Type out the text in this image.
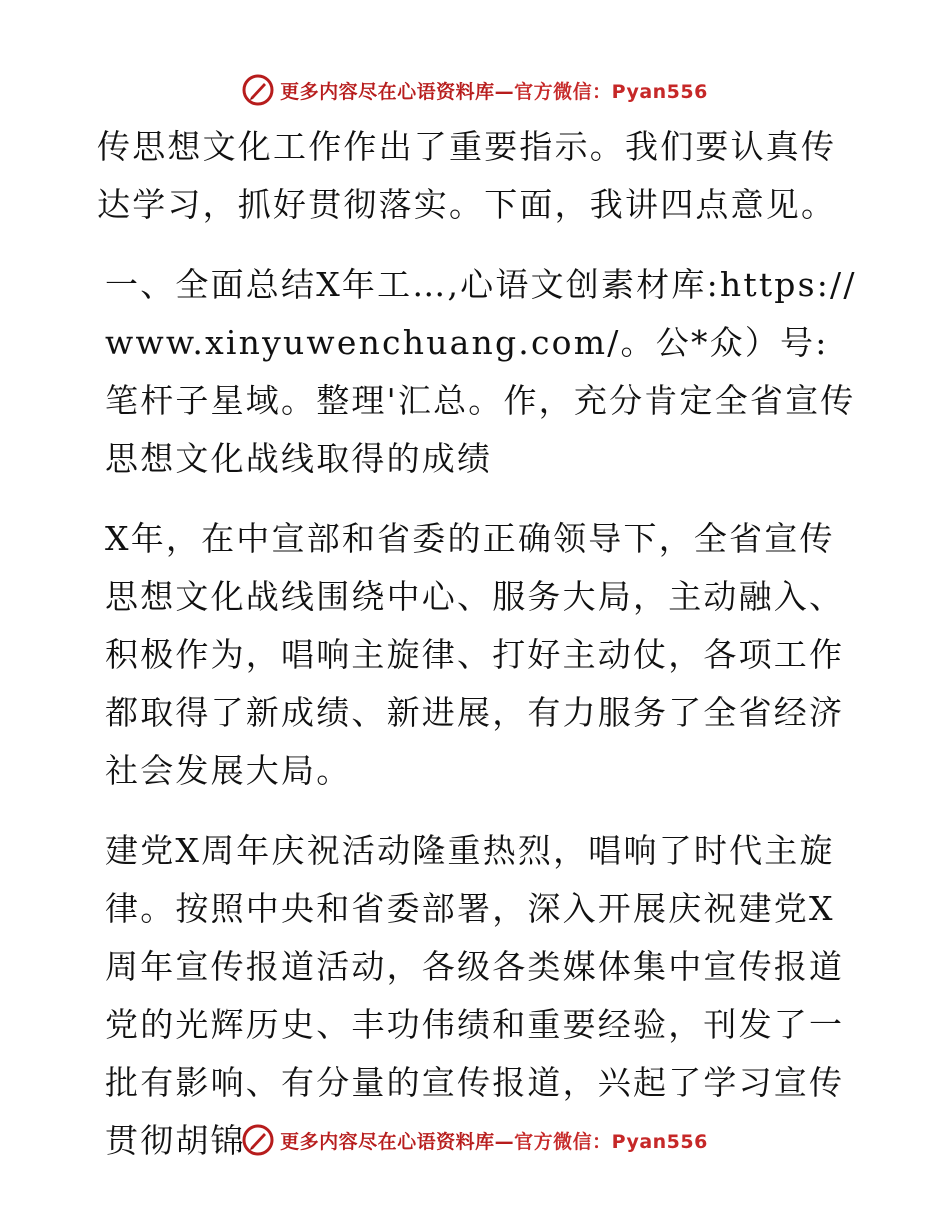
更多内容尽在心语资料库—官方微信：Pyan556

传思想文化工作作出了重要指示。我们要认真传达学习，抓好贯彻落实。下面，我讲四点意见。

一、全面总结X年工…,心语文创素材库:https://www.xinyuwenchuang.com/。公*众）号:笔杆子星域。整理'汇总。作，充分肯定全省宣传思想文化战线取得的成绩

X年，在中宣部和省委的正确领导下，全省宣传思想文化战线围绕中心、服务大局，主动融入、积极作为，唱响主旋律、打好主动仗，各项工作都取得了新成绩、新进展，有力服务了全省经济社会发展大局。

建党X周年庆祝活动隆重热烈，唱响了时代主旋律。按照中央和省委部署，深入开展庆祝建党X周年宣传报道活动，各级各类媒体集中宣传报道党的光辉历史、丰功伟绩和重要经验，刊发了一批有影响、有分量的宣传报道，兴起了学习宣传贯彻胡锦	更多内容尽在心语资料库—官方微信：Pyan556
